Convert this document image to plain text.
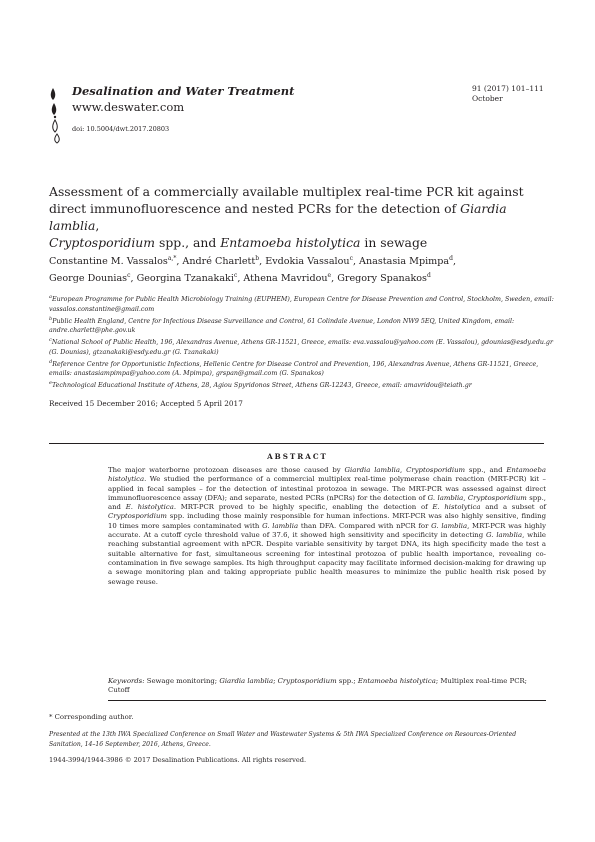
Desalination and Water Treatment
www.deswater.com
doi: 10.5004/dwt.2017.20803
91 (2017) 101–111
October
Assessment of a commercially available multiplex real-time PCR kit against
direct immunofluorescence and nested PCRs for the detection of Giardia lamblia,
Cryptosporidium spp., and Entamoeba histolytica in sewage
Constantine M. Vassalos$^{a,*}$, André Charlett$^b$, Evdokia Vassalou$^c$, Anastasia Mpimpa$^d$,
George Dounias$^c$, Georgina Tzanakaki$^c$, Athena Mavridou$^e$, Gregory Spanakos$^d$

$^a$European Programme for Public Health Microbiology Training (EUPHEM), European Centre for Disease Prevention and Control, Stockholm, Sweden, email: vassalos.constantine@gmail.com

$^b$Public Health England, Centre for Infectious Disease Surveillance and Control, 61 Colindale Avenue, London NW9 5EQ, United Kingdom, email: andre.charlett@phe.gov.uk

$^c$National School of Public Health, 196, Alexandras Avenue, Athens GR-11521, Greece, emails: eva.vassalou@yahoo.com (E. Vassalou), gdounias@esdy.edu.gr (G. Dounias), gtzanakaki@esdy.edu.gr (G. Tzanakaki)

$^d$Reference Centre for Opportunistic Infections, Hellenic Centre for Disease Control and Prevention, 196, Alexandras Avenue, Athens GR-11521, Greece, emails: anastasiampimpa@yahoo.com (A. Mpimpa), grspan@gmail.com (G. Spanakos)

$^e$Technological Educational Institute of Athens, 28, Agiou Spyridonos Street, Athens GR-12243, Greece, email: amavridou@teiath.gr

Received 15 December 2016; Accepted 5 April 2017
ABSTRACT
The major waterborne protozoan diseases are those caused by Giardia lamblia, Cryptosporidium spp., and Entamoeba histolytica. We studied the performance of a commercial multiplex real-time polymerase chain reaction (MRT-PCR) kit – applied in fecal samples – for the detection of intestinal protozoa in sewage. The MRT-PCR was assessed against direct immunofluorescence assay (DFA); and separate, nested PCRs (nPCRs) for the detection of G. lamblia, Cryptosporidium spp., and E. histolytica. MRT-PCR proved to be highly specific, enabling the detection of E. histolytica and a subset of Cryptosporidium spp. including those mainly responsible for human infections. MRT-PCR was also highly sensitive, finding 10 times more samples contaminated with G. lamblia than DFA. Compared with nPCR for G. lamblia, MRT-PCR was highly accurate. At a cutoff cycle threshold value of 37.6, it showed high sensitivity and specificity in detecting G. lamblia, while reaching substantial agreement with nPCR. Despite variable sensitivity by target DNA, its high specificity made the test a suitable alternative for fast, simultaneous screening for intestinal protozoa of public health importance, revealing co-contamination in five sewage samples. Its high throughput capacity may facilitate informed decision-making for drawing up a sewage monitoring plan and taking appropriate public health measures to minimize the public health risk posed by sewage reuse.
Keywords: Sewage monitoring; Giardia lamblia; Cryptosporidium spp.; Entamoeba histolytica; Multiplex real-time PCR; Cutoff
* Corresponding author.
Presented at the 13th IWA Specialized Conference on Small Water and Wastewater Systems & 5th IWA Specialized Conference on Resources-Oriented Sanitation, 14–16 September, 2016, Athens, Greece.
1944-3994/1944-3986 © 2017 Desalination Publications. All rights reserved.
